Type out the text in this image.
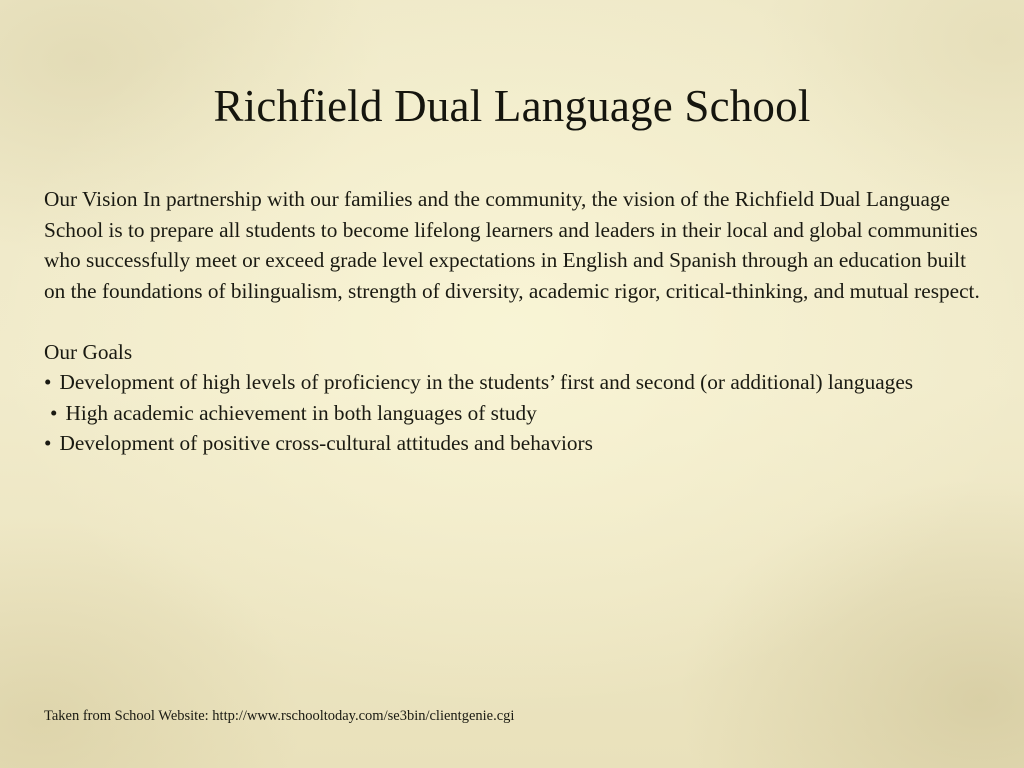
Richfield Dual Language School

Our Vision In partnership with our families and the community, the vision of the Richfield Dual Language School is to prepare all students to become lifelong learners and leaders in their local and global communities who successfully meet or exceed grade level expectations in English and Spanish through an education built on the foundations of bilingualism, strength of diversity, academic rigor, critical-thinking, and mutual respect.

Our Goals

• Development of high levels of proficiency in the students’ first and second (or additional) languages

• High academic achievement in both languages of study

• Development of positive cross-cultural attitudes and behaviors

Taken from School Website: http://www.rschooltoday.com/se3bin/clientgenie.cgi
